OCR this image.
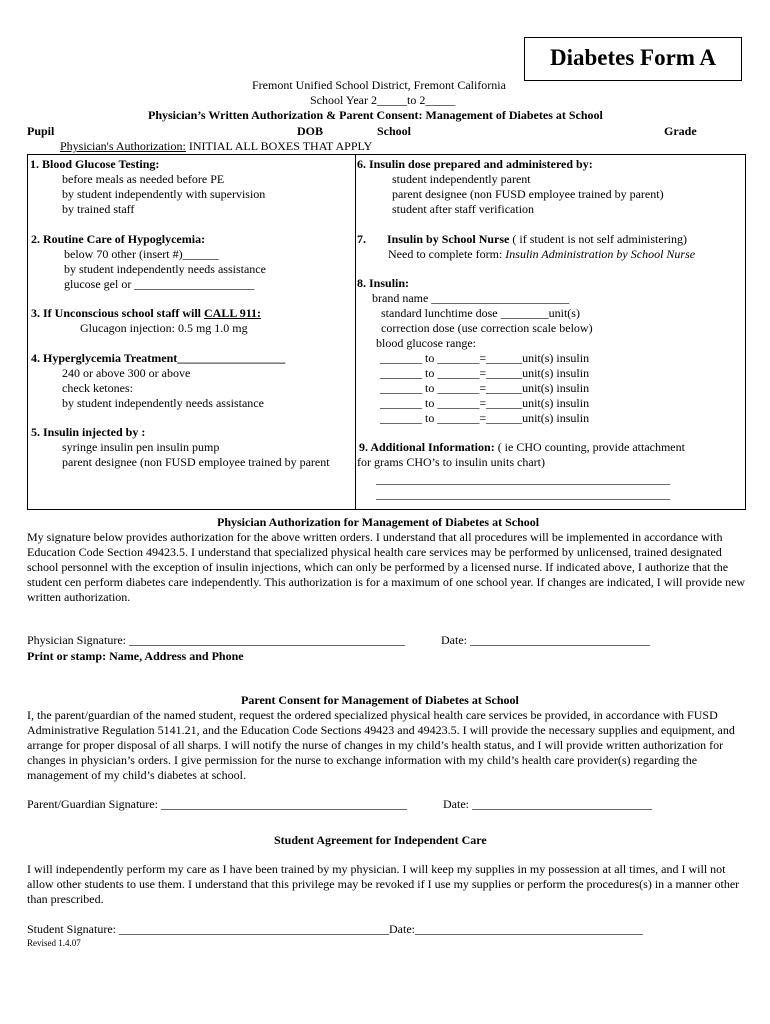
Diabetes Form A
Fremont Unified School District, Fremont California
School Year 2_____to 2_____
Physician’s Written Authorization & Parent Consent: Management of Diabetes at School
Pupil	DOB	School	Grade
Physician's Authorization: INITIAL ALL BOXES THAT APPLY
1. Blood Glucose Testing:
before meals as needed before PE
by student independently with supervision
by trained staff
2. Routine Care of Hypoglycemia:
below 70 other (insert #)______
by student independently needs assistance
glucose gel or ____________________
3. If Unconscious school staff will CALL 911:
Glucagon injection: 0.5 mg 1.0 mg
4. Hyperglycemia Treatment__________________
240 or above 300 or above
check ketones:
by student independently needs assistance
5. Insulin injected by :
syringe insulin pen insulin pump
parent designee (non FUSD employee trained by parent
6. Insulin dose prepared and administered by:
student independently parent
parent designee (non FUSD employee trained by parent)
student after staff verification
7. Insulin by School Nurse ( if student is not self administering)
Need to complete form: Insulin Administration by School Nurse
8. Insulin:
brand name _______________________
standard lunchtime dose ________unit(s)
correction dose (use correction scale below)
blood glucose range:
_______ to _______=______unit(s) insulin
_______ to _______=______unit(s) insulin
_______ to _______=______unit(s) insulin
_______ to _______=______unit(s) insulin
_______ to _______=______unit(s) insulin
9. Additional Information: ( ie CHO counting, provide attachment
for grams CHO’s to insulin units chart)
_________________________________________________
_________________________________________________
Physician Authorization for Management of Diabetes at School
My signature below provides authorization for the above written orders. I understand that all procedures will be implemented in accordance with Education Code Section 49423.5. I understand that specialized physical health care services may be performed by unlicensed, trained designated school personnel with the exception of insulin injections, which can only be performed by a licensed nurse. If indicated above, I authorize that the student cen perform diabetes care independently. This authorization is for a maximum of one school year. If changes are indicated, I will provide new written authorization.
Physician Signature: ______________________________________________	Date: ______________________________
Print or stamp: Name, Address and Phone
Parent Consent for Management of Diabetes at School
I, the parent/guardian of the named student, request the ordered specialized physical health care services be provided, in accordance with FUSD Administrative Regulation 5141.21, and the Education Code Sections 49423 and 49423.5. I will provide the necessary supplies and equipment, and arrange for proper disposal of all sharps. I will notify the nurse of changes in my child’s health status, and I will provide written authorization for changes in physician’s orders. I give permission for the nurse to exchange information with my child’s health care provider(s) regarding the management of my child’s diabetes at school.
Parent/Guardian Signature: _________________________________________	Date: ______________________________
Student Agreement for Independent Care
I will independently perform my care as I have been trained by my physician. I will keep my supplies in my possession at all times, and I will not allow other students to use them. I understand that this privilege may be revoked if I use my supplies or perform the procedures(s) in a manner other than prescribed.
Student Signature: _____________________________________________Date:______________________________________
Revised 1.4.07
